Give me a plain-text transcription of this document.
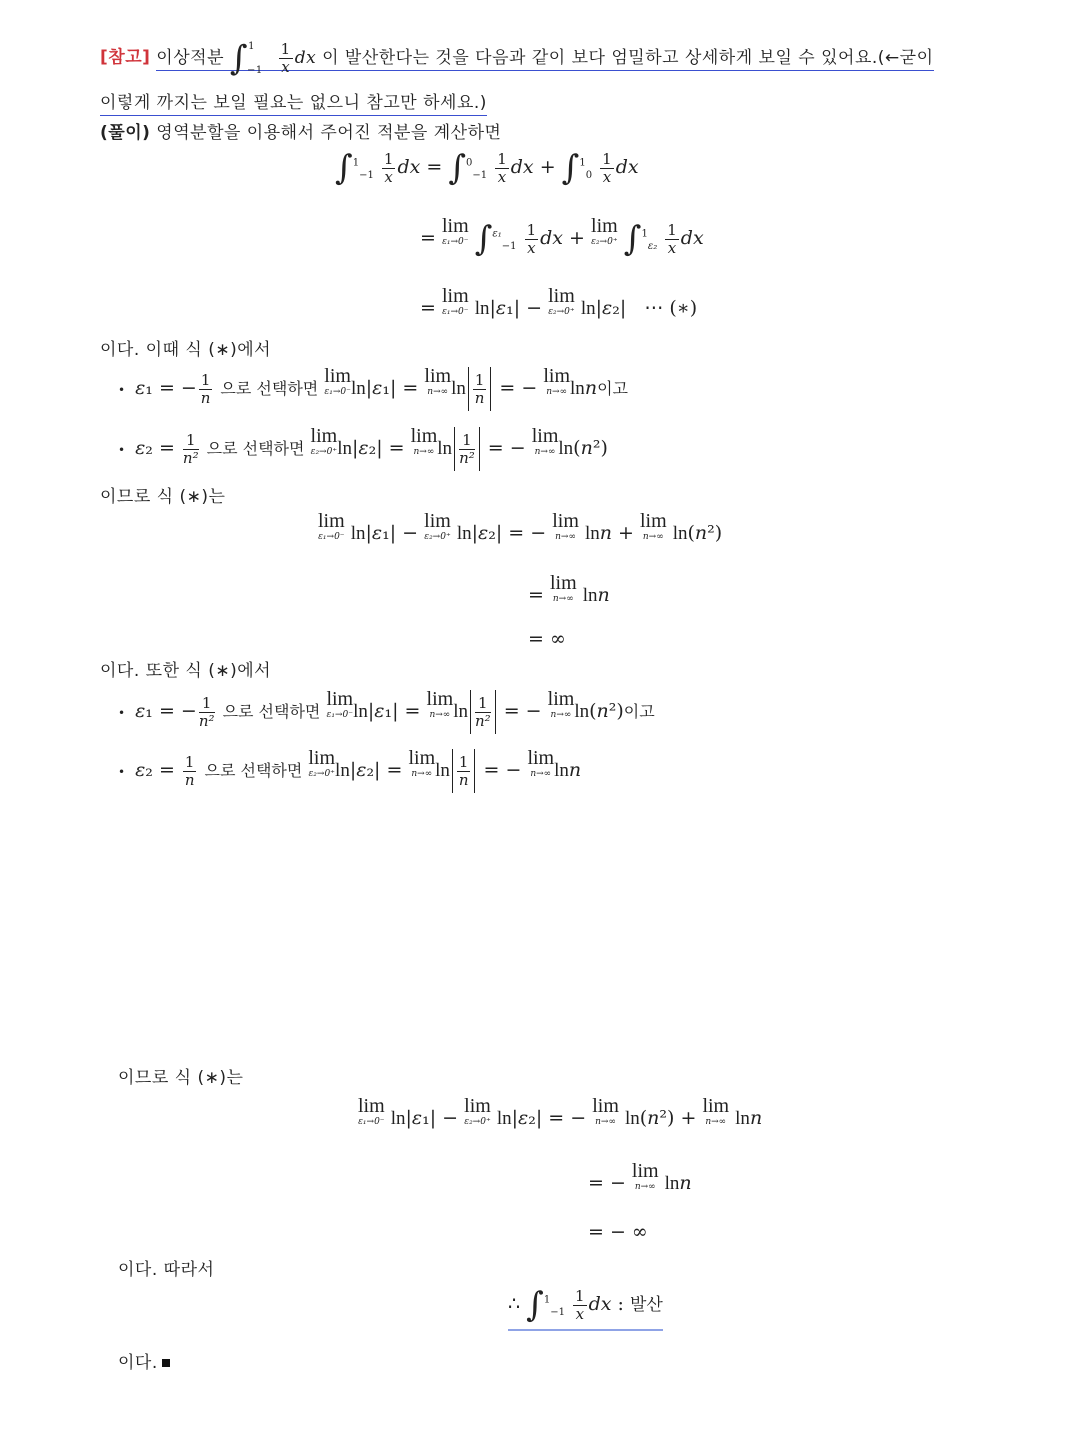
[참고] 이상적분 $\int^1_{-1} \frac{1}{x}$ dx 이 발산한다는 것을 다음과 같이 보다 엄밀하고 상세하게 보일 수 있어요.(←굳이
이렇게 까지는 보일 필요는 없으니 참고만 하세요.)
(풀이) 영역분할을 이용해서 주어진 적분을 계산하면
$\int^1_{-1} \frac{1}{x}$ dx = $\int^0_{-1} \frac{1}{x}$ dx + $\int^1_0 \frac{1}{x}$ dx
= lim
ε₁→0⁻ $\int^{\varepsilon_1}_{-1} \frac{1}{x}$ dx + lim
ε₂→0⁺ $\int^1_{\varepsilon_2} \frac{1}{x}$ dx
= lim
ε₁→0⁻ ln|ε₁| − lim
ε₂→0⁺ ln|ε₂|   ⋯ (∗)
이다. 이때 식 (∗)에서
• ε₁ = − $\frac{1}{n}$ 으로 선택하면 lim
ε₁→0⁻ ln|ε₁| = lim
n→∞ $\ln \frac{1}{n}$ = − lim
n→∞ lnn이고
• $\varepsilon_2 = \frac{1}{\text{n²}}$ 으로 선택하면 lim
ε₂→0⁺ ln|ε₂| = lim
n→∞ $\ln \frac{1}{\text{n²}}$ = − lim
n→∞ ln(n²)
이므로 식 (∗)는
lim
ε₁→0⁻ ln|ε₁| − lim
ε₂→0⁺ ln|ε₂| = − lim
n→∞ lnn + lim
n→∞ ln(n²)
= lim
n→∞ lnn
= ∞
이다. 또한 식 (∗)에서
• ε₁ = − $\frac{1}{\text{n²}}$ 으로 선택하면 lim
ε₁→0⁻ ln|ε₁| = lim
n→∞ $\ln \frac{1}{\text{n²}}$ = − lim
n→∞ ln(n²)이고
• $\varepsilon_2 = \frac{1}{n}$ 으로 선택하면 lim
ε₂→0⁺ ln|ε₂| = lim
n→∞ $\ln \frac{1}{n}$ = − lim
n→∞ lnn
이므로 식 (∗)는
lim
ε₁→0⁻ ln|ε₁| − lim
ε₂→0⁺ ln|ε₂| = − lim
n→∞ ln(n²) + lim
n→∞ lnn
= − lim
n→∞ lnn
= − ∞
이다. 따라서
∴ $\int^1_{-1} \frac{1}{x}$ dx : 발산
이다.
